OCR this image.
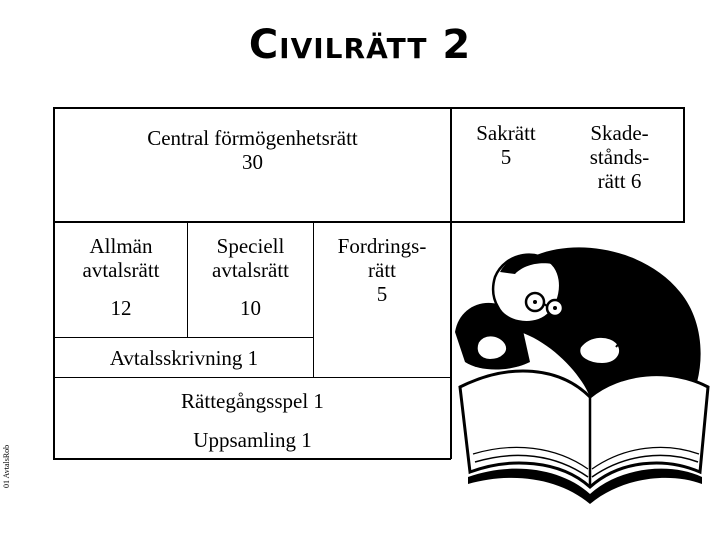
Civilrätt 2
Central förmögenhetsrätt
30
Sakrätt
5
Skade-
stånds-
rätt 6
Allmän
avtalsrätt
12
Speciell
avtalsrätt
10
Fordrings-
rätt
5
Avtalsskrivning 1
Rättegångsspel 1
Uppsamling 1
01 AvtalsRob
